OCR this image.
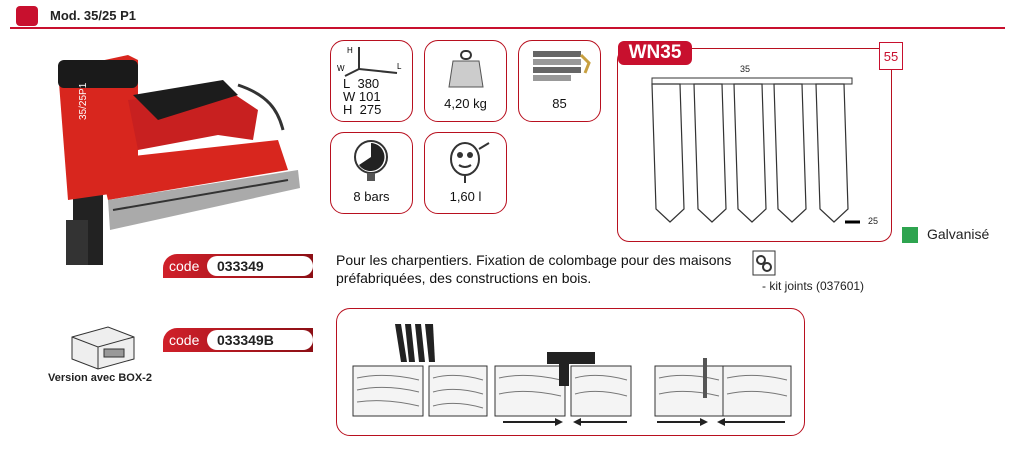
Mod. 35/25 P1
35/25P1
H
W	L
L 380
W 101
H 275	4,20 kg	85
8 bars	1,60 l
WN35	55
35
25
Galvanisé
code	033349
Version avec BOX-2
code	033349B
Pour les charpentiers. Fixation de colombage pour des maisons préfabriquées, des constructions en bois.	- kit joints (037601)
